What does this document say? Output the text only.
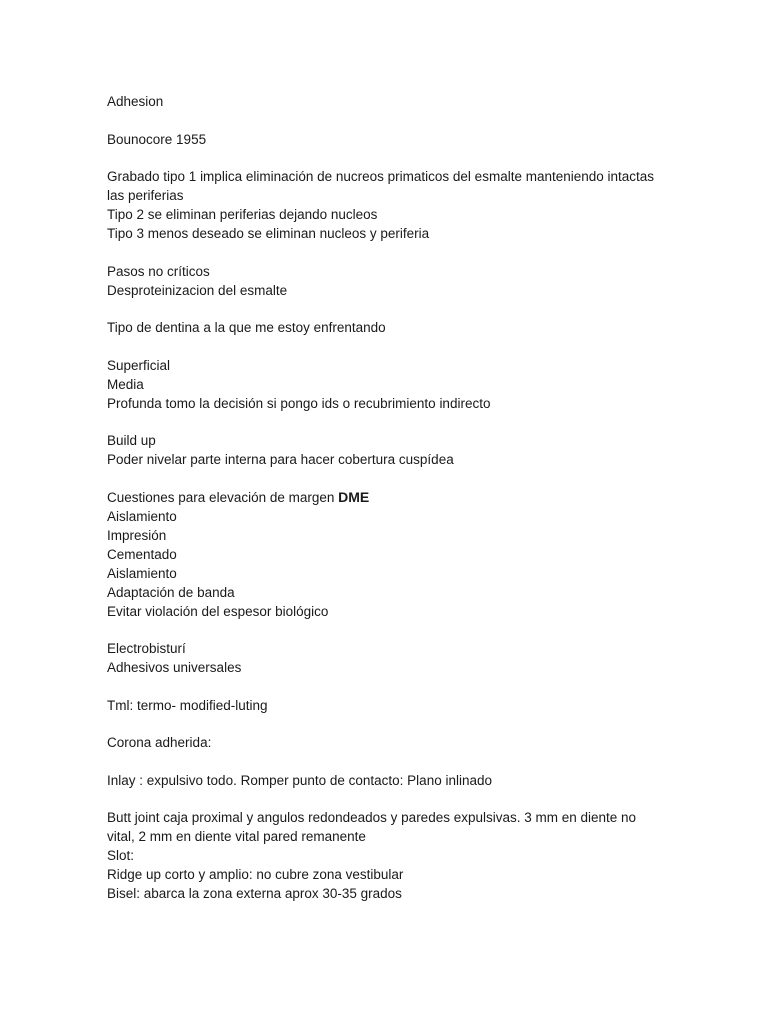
Adhesion

Bounocore 1955

Grabado tipo 1 implica eliminación de nucreos primaticos del esmalte manteniendo intactas las periferias
Tipo 2 se eliminan periferias dejando nucleos
Tipo 3 menos deseado se eliminan nucleos y periferia

Pasos no críticos
Desproteinizacion del esmalte

Tipo de dentina a la que me estoy enfrentando

Superficial
Media
Profunda tomo la decisión si pongo ids o recubrimiento indirecto

Build up
Poder nivelar parte interna para hacer cobertura cuspídea

Cuestiones para elevación de margen DME
Aislamiento
Impresión
Cementado
Aislamiento
Adaptación de banda
Evitar violación del espesor biológico

Electrobisturí
Adhesivos universales

Tml: termo- modified-luting

Corona adherida:

Inlay : expulsivo todo. Romper punto de contacto: Plano inlinado

Butt joint caja proximal y angulos redondeados y paredes expulsivas. 3 mm en diente no vital, 2 mm en diente vital pared remanente
Slot:
Ridge up corto y amplio: no cubre zona vestibular
Bisel: abarca la zona externa aprox 30-35 grados
